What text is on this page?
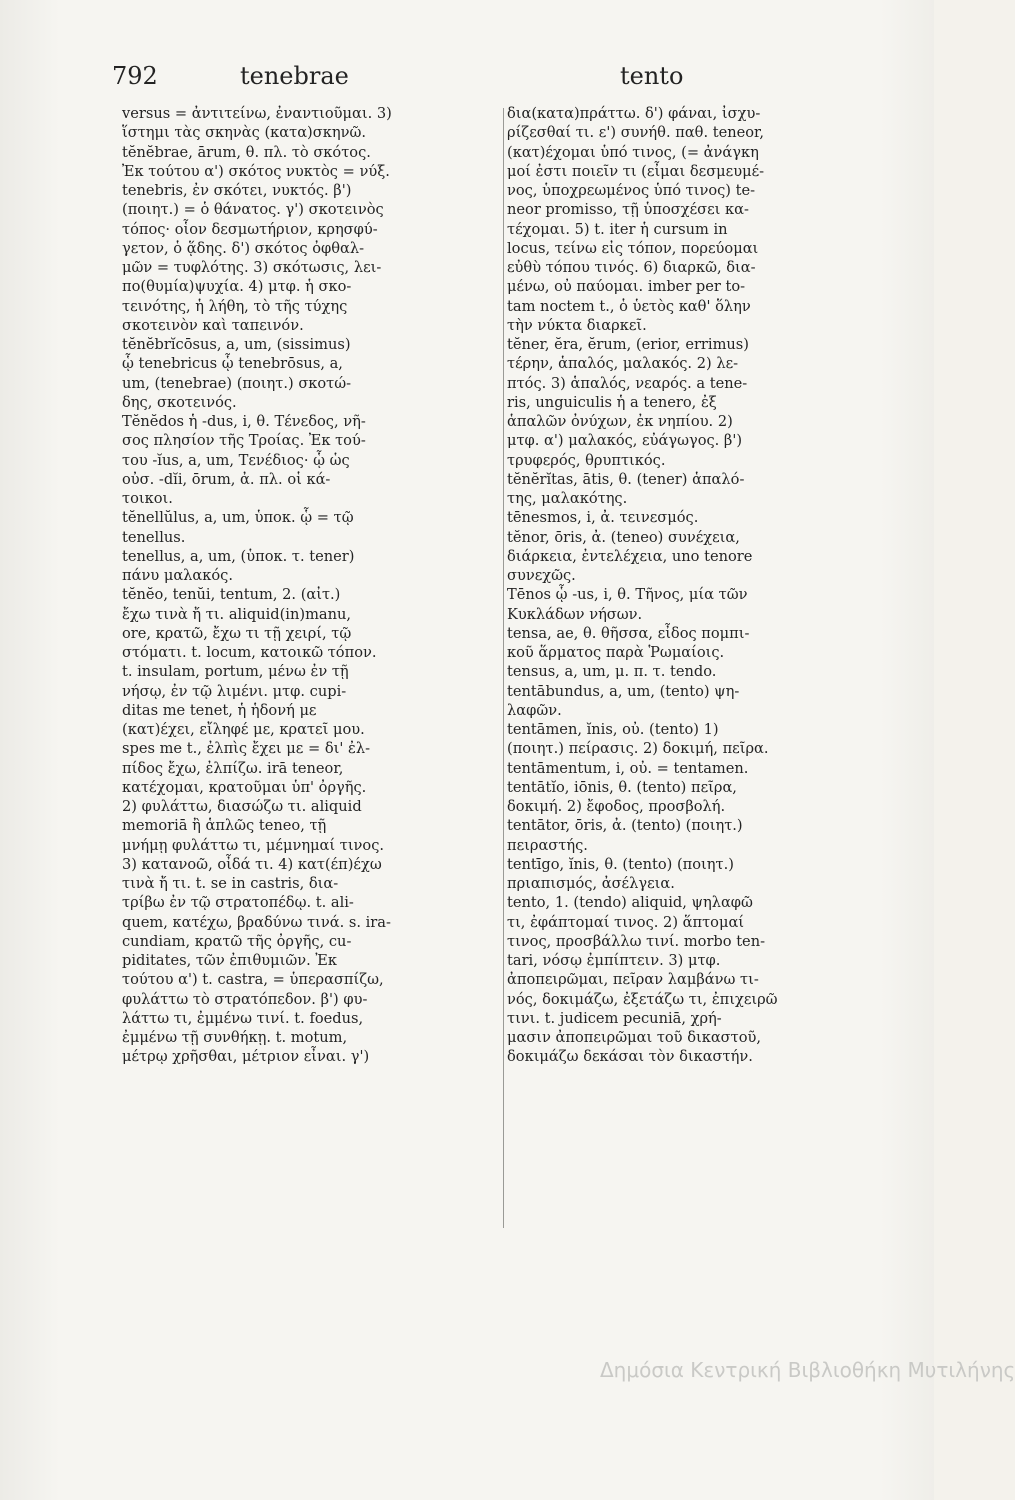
792	tenebrae	tento
versus = ἀντιτείνω, ἐναντιοῦμαι. 3)
ἵστημι τὰς σκηνὰς (κατα)σκηνῶ.
tĕnĕbrae, ārum, θ. πλ. τὸ σκότος.
Ἐκ τούτου α') σκότος νυκτὸς = νύξ.
tenebris, ἐν σκότει, νυκτός. β')
(ποιητ.) = ὁ θάνατος. γ') σκοτεινὸς
τόπος· οἷον δεσμωτήριον, κρησφύ-
γετον, ὁ ᾅδης. δ') σκότος ὀφθαλ-
μῶν = τυφλότης. 3) σκότωσις, λει-
πο(θυμία)ψυχία. 4) μτφ. ἡ σκο-
τεινότης, ἡ λήθη, τὸ τῆς τύχης
σκοτεινὸν καὶ ταπεινόν.
tĕnĕbrĭcōsus, a, um, (sissimus)
ᾧ tenebricus ᾧ tenebrōsus, a,
um, (tenebrae) (ποιητ.) σκοτώ-
δης, σκοτεινός.
Tĕnĕdos ἡ -dus, i, θ. Τένεδος, νῆ-
σος πλησίον τῆς Τροίας. Ἐκ τού-
του -ĭus, a, um, Τενέδιος· ᾧ ὡς
οὐσ. -dĭi, ōrum, ἀ. πλ. οἱ κά-
τοικοι.
tĕnellŭlus, a, um, ὑποκ. ᾧ = τῷ
tenellus.
tenellus, a, um, (ὑποκ. τ. tener)
πάνυ μαλακός.
tĕnĕo, tenŭi, tentum, 2. (αἰτ.)
ἔχω τινὰ ἤ τι. aliquid(in)manu,
ore, κρατῶ, ἔχω τι τῇ χειρί, τῷ
στόματι. t. locum, κατοικῶ τόπον.
t. insulam, portum, μένω ἐν τῇ
νήσῳ, ἐν τῷ λιμένι. μτφ. cupi-
ditas me tenet, ἡ ἡδονή με
(κατ)έχει, εἴληφέ με, κρατεῖ μου.
spes me t., ἐλπὶς ἔχει με = δι' ἐλ-
πίδος ἔχω, ἐλπίζω. irā teneor,
κατέχομαι, κρατοῦμαι ὑπ' ὀργῆς.
2) φυλάττω, διασώζω τι. aliquid
memoriā ἢ ἁπλῶς teneo, τῇ
μνήμῃ φυλάττω τι, μέμνημαί τινος.
3) κατανοῶ, οἶδά τι. 4) κατ(έπ)έχω
τινὰ ἤ τι. t. se in castris, δια-
τρίβω ἐν τῷ στρατοπέδῳ. t. ali-
quem, κατέχω, βραδύνω τινά. s. ira-
cundiam, κρατῶ τῆς ὀργῆς, cu-
piditates, τῶν ἐπιθυμιῶν. Ἐκ
τούτου α') t. castra, = ὑπερασπίζω,
φυλάττω τὸ στρατόπεδον. β') φυ-
λάττω τι, ἐμμένω τινί. t. foedus,
ἐμμένω τῇ συνθήκῃ. t. motum,
μέτρῳ χρῆσθαι, μέτριον εἶναι. γ')
δια(κατα)πράττω. δ') φάναι, ἰσχυ-
ρίζεσθαί τι. ε') συνήθ. παθ. teneor,
(κατ)έχομαι ὑπό τινος, (= ἀνάγκη
μοί ἐστι ποιεῖν τι (εἶμαι δεσμευμέ-
νος, ὑποχρεωμένος ὑπό τινος) te-
neor promisso, τῇ ὑποσχέσει κα-
τέχομαι. 5) t. iter ἡ cursum in
locus, τείνω εἰς τόπον, πορεύομαι
εὐθὺ τόπου τινός. 6) διαρκῶ, δια-
μένω, οὐ παύομαι. imber per to-
tam noctem t., ὁ ὑετὸς καθ' ὅλην
τὴν νύκτα διαρκεῖ.
tĕner, ĕra, ĕrum, (erior, errimus)
τέρην, ἁπαλός, μαλακός. 2) λε-
πτός. 3) ἁπαλός, νεαρός. a tene-
ris, unguiculis ἡ a tenero, ἐξ
ἁπαλῶν ὀνύχων, ἐκ νηπίου. 2)
μτφ. α') μαλακός, εὐάγωγος. β')
τρυφερός, θρυπτικός.
tĕnĕrĭtas, ātis, θ. (tener) ἁπαλό-
της, μαλακότης.
tēnesmos, i, ἀ. τεινεσμός.
tĕnor, ōris, ἀ. (teneo) συνέχεια,
διάρκεια, ἐντελέχεια, uno tenore
συνεχῶς.
Tēnos ᾧ -us, i, θ. Τῆνος, μία τῶν
Κυκλάδων νήσων.
tensa, ae, θ. θῆσσα, εἶδος πομπι-
κοῦ ἅρματος παρὰ Ῥωμαίοις.
tensus, a, um, μ. π. τ. tendo.
tentābundus, a, um, (tento) ψη-
λαφῶν.
tentāmen, ĭnis, οὐ. (tento) 1)
(ποιητ.) πείρασις. 2) δοκιμή, πεῖρα.
tentāmentum, i, οὐ. = tentamen.
tentātĭo, iōnis, θ. (tento) πεῖρα,
δοκιμή. 2) ἔφοδος, προσβολή.
tentātor, ōris, ἀ. (tento) (ποιητ.)
πειραστής.
tentīgo, ĭnis, θ. (tento) (ποιητ.)
πριαπισμός, ἀσέλγεια.
tento, 1. (tendo) aliquid, ψηλαφῶ
τι, ἐφάπτομαί τινος. 2) ἅπτομαί
τινος, προσβάλλω τινί. morbo ten-
tari, νόσῳ ἐμπίπτειν. 3) μτφ.
ἀποπειρῶμαι, πεῖραν λαμβάνω τι-
νός, δοκιμάζω, ἐξετάζω τι, ἐπιχειρῶ
τινι. t. judicem pecuniā, χρή-
μασιν ἀποπειρῶμαι τοῦ δικαστοῦ,
δοκιμάζω δεκάσαι τὸν δικαστήν.
Δημόσια Κεντρική Βιβλιοθήκη Μυτιλήνης
